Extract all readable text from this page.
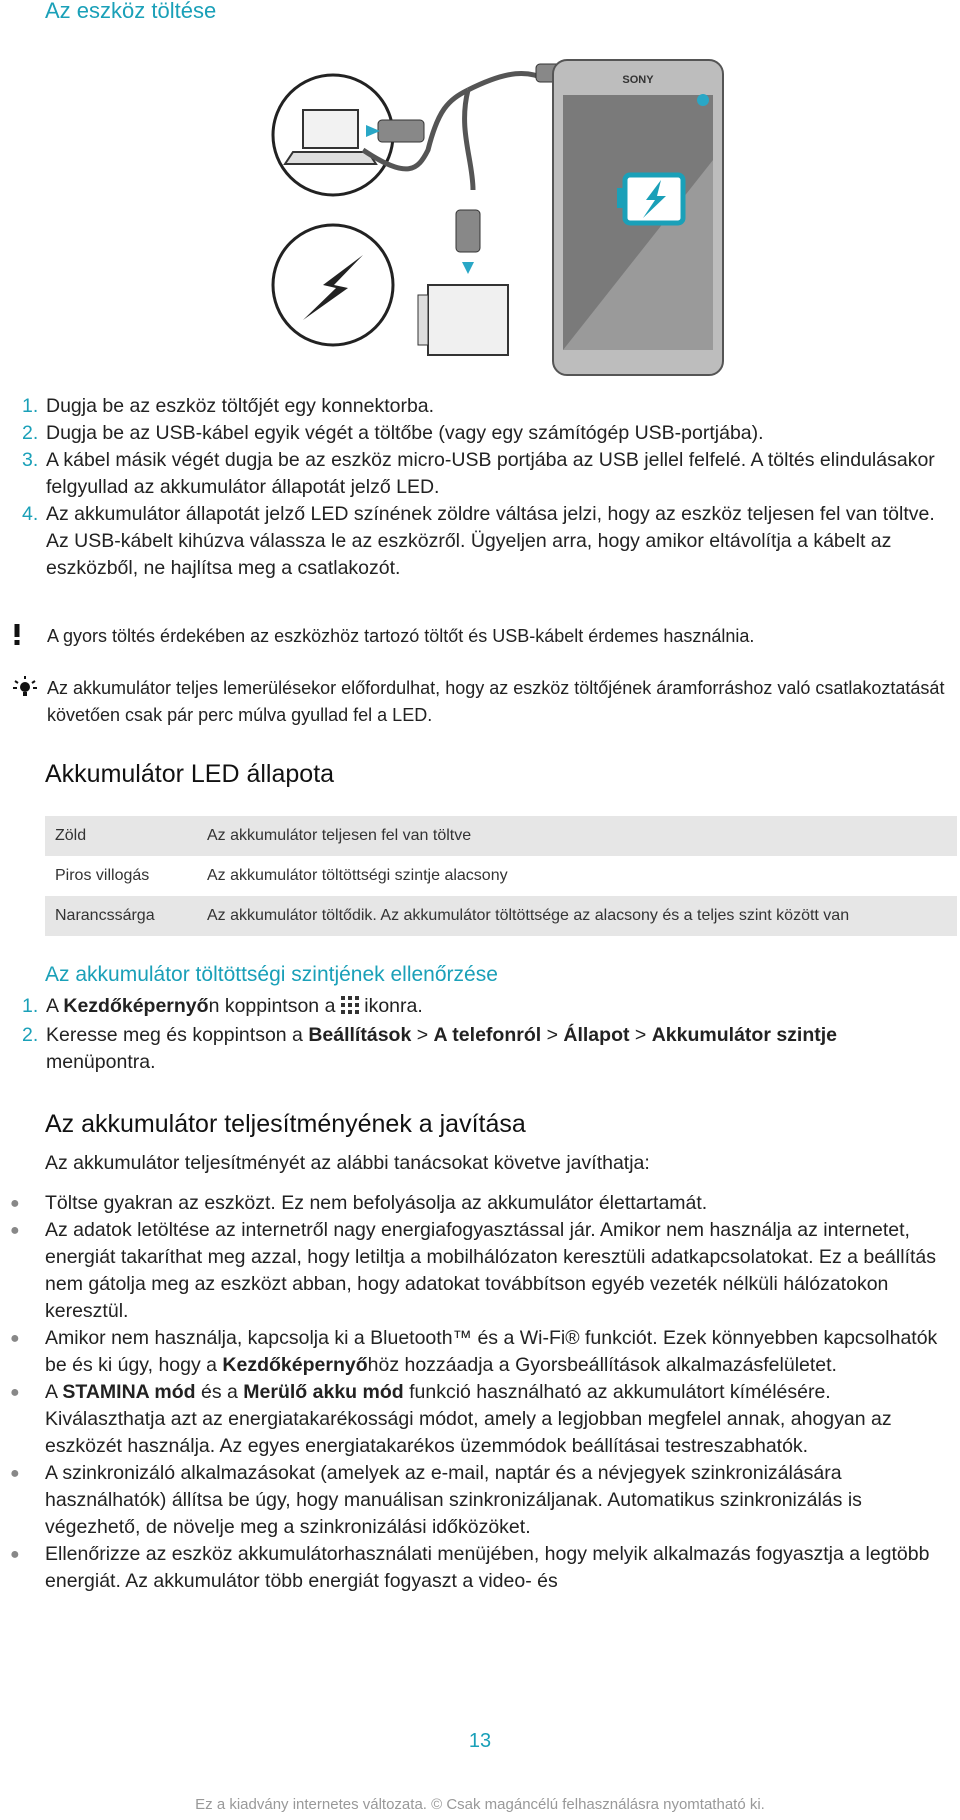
Az eszköz töltése
SONY
1. Dugja be az eszköz töltőjét egy konnektorba.
2. Dugja be az USB-kábel egyik végét a töltőbe (vagy egy számítógép USB-portjába).
3. A kábel másik végét dugja be az eszköz micro-USB portjába az USB jellel felfelé. A töltés elindulásakor felgyullad az akkumulátor állapotát jelző LED.
4. Az akkumulátor állapotát jelző LED színének zöldre váltása jelzi, hogy az eszköz teljesen fel van töltve. Az USB-kábelt kihúzva válassza le az eszközről. Ügyeljen arra, hogy amikor eltávolítja a kábelt az eszközből, ne hajlítsa meg a csatlakozót.
A gyors töltés érdekében az eszközhöz tartozó töltőt és USB-kábelt érdemes használnia.
Az akkumulátor teljes lemerülésekor előfordulhat, hogy az eszköz töltőjének áramforráshoz való csatlakoztatását követően csak pár perc múlva gyullad fel a LED.
Akkumulátor LED állapota
Zöld	Az akkumulátor teljesen fel van töltve
Piros villogás	Az akkumulátor töltöttségi szintje alacsony
Narancssárga	Az akkumulátor töltődik. Az akkumulátor töltöttsége az alacsony és a teljes szint között van
Az akkumulátor töltöttségi szintjének ellenőrzése
1. A Kezdőképernyőn koppintson a  ikonra.
2. Keresse meg és koppintson a Beállítások > A telefonról > Állapot > Akkumulátor szintje menüpontra.
Az akkumulátor teljesítményének a javítása
Az akkumulátor teljesítményét az alábbi tanácsokat követve javíthatja:
● Töltse gyakran az eszközt. Ez nem befolyásolja az akkumulátor élettartamát.
● Az adatok letöltése az internetről nagy energiafogyasztással jár. Amikor nem használja az internetet, energiát takaríthat meg azzal, hogy letiltja a mobilhálózaton keresztüli adatkapcsolatokat. Ez a beállítás nem gátolja meg az eszközt abban, hogy adatokat továbbítson egyéb vezeték nélküli hálózatokon keresztül.
● Amikor nem használja, kapcsolja ki a Bluetooth™ és a Wi-Fi® funkciót. Ezek könnyebben kapcsolhatók be és ki úgy, hogy a Kezdőképernyőhöz hozzáadja a Gyorsbeállítások alkalmazásfelületet.
● A STAMINA mód és a Merülő akku mód funkció használható az akkumulátort kímélésére. Kiválaszthatja azt az energiatakarékossági módot, amely a legjobban megfelel annak, ahogyan az eszközét használja. Az egyes energiatakarékos üzemmódok beállításai testreszabhatók.
● A szinkronizáló alkalmazásokat (amelyek az e-mail, naptár és a névjegyek szinkronizálására használhatók) állítsa be úgy, hogy manuálisan szinkronizáljanak. Automatikus szinkronizálás is végezhető, de növelje meg a szinkronizálási időközöket.
● Ellenőrizze az eszköz akkumulátorhasználati menüjében, hogy melyik alkalmazás fogyasztja a legtöbb energiát. Az akkumulátor több energiát fogyaszt a video- és
13
Ez a kiadvány internetes változata. © Csak magáncélú felhasználásra nyomtatható ki.
